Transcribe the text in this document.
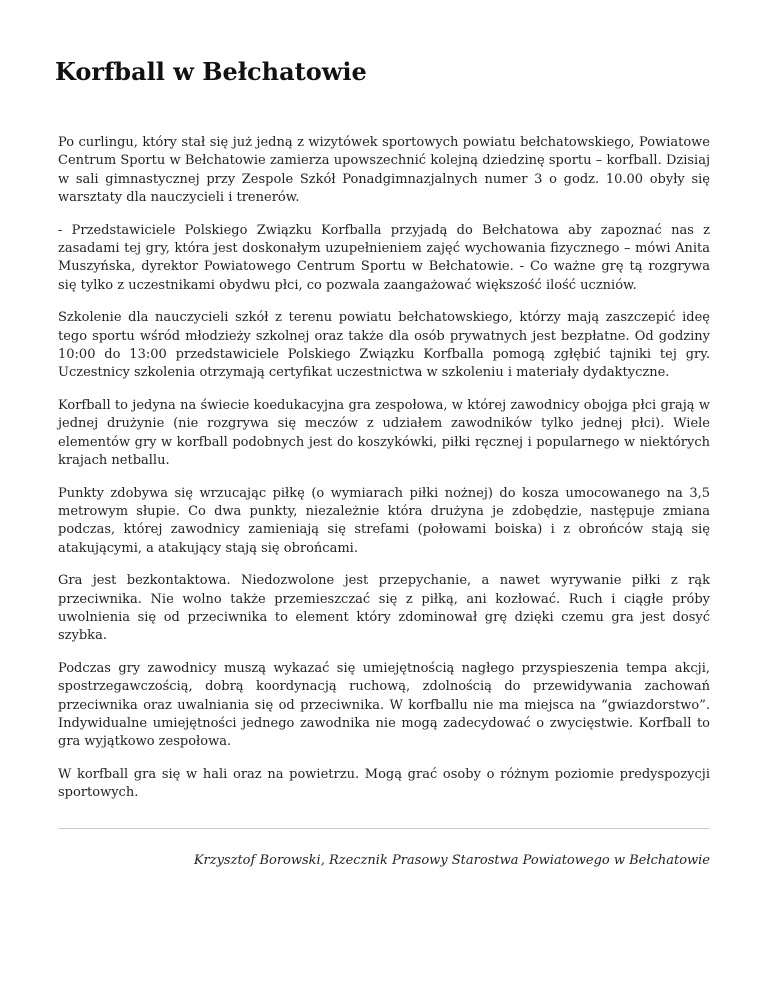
Korfball w Bełchatowie

Po curlingu, który stał się już jedną z wizytówek sportowych powiatu bełchatowskiego, Powiatowe Centrum Sportu w Bełchatowie zamierza upowszechnić kolejną dziedzinę sportu – korfball. Dzisiaj w sali gimnastycznej przy Zespole Szkół Ponadgimnazjalnych numer 3 o godz. 10.00 obyły się warsztaty dla nauczycieli i trenerów.

- Przedstawiciele Polskiego Związku Korfballa przyjadą do Bełchatowa aby zapoznać nas z zasadami tej gry, która jest doskonałym uzupełnieniem zajęć wychowania fizycznego – mówi Anita Muszyńska, dyrektor Powiatowego Centrum Sportu w Bełchatowie. - Co ważne grę tą rozgrywa się tylko z uczestnikami obydwu płci, co pozwala zaangażować większość ilość uczniów.

Szkolenie dla nauczycieli szkół z terenu powiatu bełchatowskiego, którzy mają zaszczepić ideę tego sportu wśród młodzieży szkolnej oraz także dla osób prywatnych jest bezpłatne. Od godziny 10:00 do 13:00 przedstawiciele Polskiego Związku Korfballa pomogą zgłębić tajniki tej gry. Uczestnicy szkolenia otrzymają certyfikat uczestnictwa w szkoleniu i materiały dydaktyczne.

Korfball to jedyna na świecie koedukacyjna gra zespołowa, w której zawodnicy obojga płci grają w jednej drużynie (nie rozgrywa się meczów z udziałem zawodników tylko jednej płci). Wiele elementów gry w korfball podobnych jest do koszykówki, piłki ręcznej i popularnego w niektórych krajach netballu.

Punkty zdobywa się wrzucając piłkę (o wymiarach piłki nożnej) do kosza umocowanego na 3,5 metrowym słupie. Co dwa punkty, niezależnie która drużyna je zdobędzie, następuje zmiana podczas, której zawodnicy zamieniają się strefami (połowami boiska) i z obrońców stają się atakującymi, a atakujący stają się obrońcami.

Gra jest bezkontaktowa. Niedozwolone jest przepychanie, a nawet wyrywanie piłki z rąk przeciwnika. Nie wolno także przemieszczać się z piłką, ani kozłować. Ruch i ciągłe próby uwolnienia się od przeciwnika to element który zdominował grę dzięki czemu gra jest dosyć szybka.

Podczas gry zawodnicy muszą wykazać się umiejętnością nagłego przyspieszenia tempa akcji, spostrzegawczością, dobrą koordynacją ruchową, zdolnością do przewidywania zachowań przeciwnika oraz uwalniania się od przeciwnika. W korfballu nie ma miejsca na “gwiazdorstwo”. Indywidualne umiejętności jednego zawodnika nie mogą zadecydować o zwycięstwie. Korfball to gra wyjątkowo zespołowa.

W korfball gra się w hali oraz na powietrzu. Mogą grać osoby o różnym poziomie predyspozycji sportowych.

Krzysztof Borowski, Rzecznik Prasowy Starostwa Powiatowego w Bełchatowie
